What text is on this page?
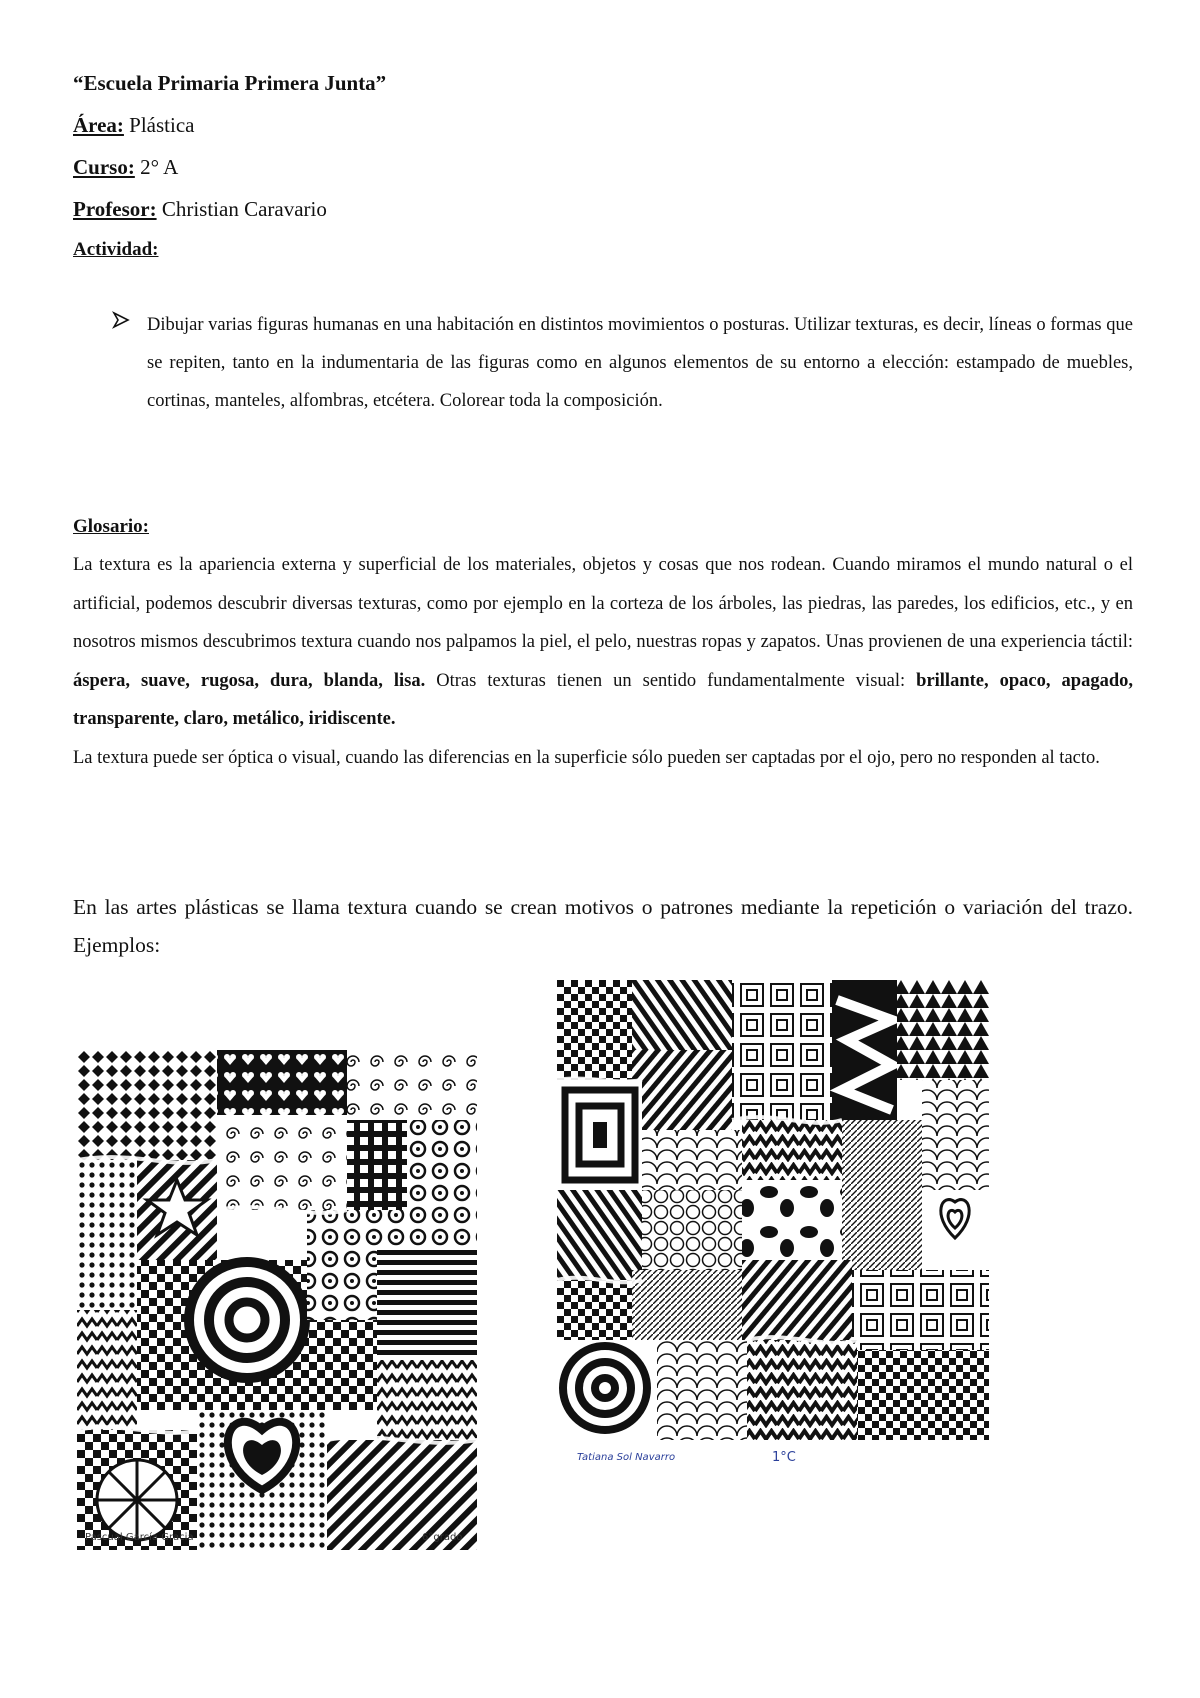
“Escuela Primaria Primera Junta”
Área: Plástica
Curso: 2° A
Profesor: Christian Caravario
Actividad:
Dibujar varias figuras humanas en una habitación en distintos movimientos o posturas. Utilizar texturas, es decir, líneas o formas que se repiten, tanto en la indumentaria de las figuras como en algunos elementos de su entorno a elección: estampado de muebles, cortinas, manteles, alfombras, etcétera. Colorear toda la composición.
Glosario:

La textura es la apariencia externa y superficial de los materiales, objetos y cosas que nos rodean. Cuando miramos el mundo natural o el artificial, podemos descubrir diversas texturas, como por ejemplo en la corteza de los árboles, las piedras, las paredes, los edificios, etc., y en nosotros mismos descubrimos textura cuando nos palpamos la piel, el pelo, nuestras ropas y zapatos. Unas provienen de una experiencia táctil: áspera, suave, rugosa, dura, blanda, lisa. Otras texturas tienen un sentido fundamentalmente visual: brillante, opaco, apagado, transparente, claro, metálico, iridiscente.

La textura puede ser óptica o visual, cuando las diferencias en la superficie sólo pueden ser captadas por el ojo, pero no responden al tacto.

En las artes plásticas se llama textura cuando se crean motivos o patrones mediante la repetición o variación del trazo. Ejemplos:

Pascual García Gracia	6°grado
Tatiana Sol Navarro	1°C
